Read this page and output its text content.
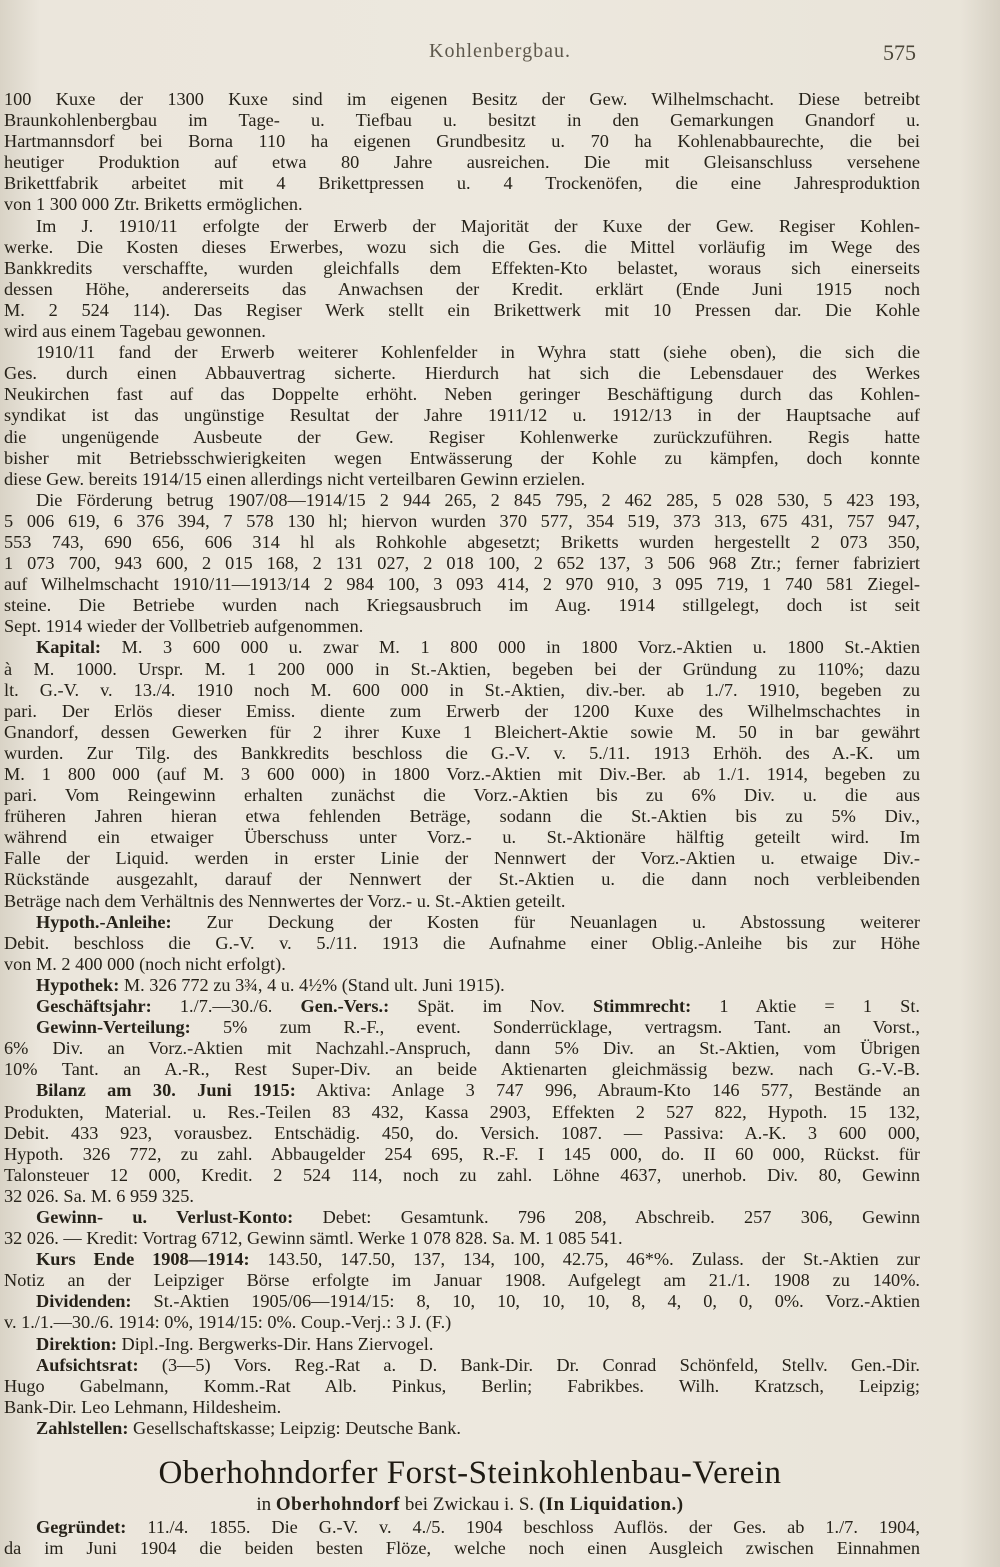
Kohlenbergbau.	575
100 Kuxe der 1300 Kuxe sind im eigenen Besitz der Gew. Wilhelmschacht. Diese betreibt
Braunkohlenbergbau im Tage- u. Tiefbau u. besitzt in den Gemarkungen Gnandorf u.
Hartmannsdorf bei Borna 110 ha eigenen Grundbesitz u. 70 ha Kohlenabbaurechte, die bei
heutiger Produktion auf etwa 80 Jahre ausreichen. Die mit Gleisanschluss versehene
Brikettfabrik arbeitet mit 4 Brikettpressen u. 4 Trockenöfen, die eine Jahresproduktion
von 1 300 000 Ztr. Briketts ermöglichen.
Im J. 1910/11 erfolgte der Erwerb der Majorität der Kuxe der Gew. Regiser Kohlen-
werke. Die Kosten dieses Erwerbes, wozu sich die Ges. die Mittel vorläufig im Wege des
Bankkredits verschaffte, wurden gleichfalls dem Effekten-Kto belastet, woraus sich einerseits
dessen Höhe, andererseits das Anwachsen der Kredit. erklärt (Ende Juni 1915 noch
M. 2 524 114). Das Regiser Werk stellt ein Brikettwerk mit 10 Pressen dar. Die Kohle
wird aus einem Tagebau gewonnen.
1910/11 fand der Erwerb weiterer Kohlenfelder in Wyhra statt (siehe oben), die sich die
Ges. durch einen Abbauvertrag sicherte. Hierdurch hat sich die Lebensdauer des Werkes
Neukirchen fast auf das Doppelte erhöht. Neben geringer Beschäftigung durch das Kohlen-
syndikat ist das ungünstige Resultat der Jahre 1911/12 u. 1912/13 in der Hauptsache auf
die ungenügende Ausbeute der Gew. Regiser Kohlenwerke zurückzuführen. Regis hatte
bisher mit Betriebsschwierigkeiten wegen Entwässerung der Kohle zu kämpfen, doch konnte
diese Gew. bereits 1914/15 einen allerdings nicht verteilbaren Gewinn erzielen.
Die Förderung betrug 1907/08—1914/15 2 944 265, 2 845 795, 2 462 285, 5 028 530, 5 423 193,
5 006 619, 6 376 394, 7 578 130 hl; hiervon wurden 370 577, 354 519, 373 313, 675 431, 757 947,
553 743, 690 656, 606 314 hl als Rohkohle abgesetzt; Briketts wurden hergestellt 2 073 350,
1 073 700, 943 600, 2 015 168, 2 131 027, 2 018 100, 2 652 137, 3 506 968 Ztr.; ferner fabriziert
auf Wilhelmschacht 1910/11—1913/14 2 984 100, 3 093 414, 2 970 910, 3 095 719, 1 740 581 Ziegel-
steine. Die Betriebe wurden nach Kriegsausbruch im Aug. 1914 stillgelegt, doch ist seit
Sept. 1914 wieder der Vollbetrieb aufgenommen.
Kapital: M. 3 600 000 u. zwar M. 1 800 000 in 1800 Vorz.-Aktien u. 1800 St.-Aktien
à M. 1000. Urspr. M. 1 200 000 in St.-Aktien, begeben bei der Gründung zu 110%; dazu
lt. G.-V. v. 13./4. 1910 noch M. 600 000 in St.-Aktien, div.-ber. ab 1./7. 1910, begeben zu
pari. Der Erlös dieser Emiss. diente zum Erwerb der 1200 Kuxe des Wilhelmschachtes in
Gnandorf, dessen Gewerken für 2 ihrer Kuxe 1 Bleichert-Aktie sowie M. 50 in bar gewährt
wurden. Zur Tilg. des Bankkredits beschloss die G.-V. v. 5./11. 1913 Erhöh. des A.-K. um
M. 1 800 000 (auf M. 3 600 000) in 1800 Vorz.-Aktien mit Div.-Ber. ab 1./1. 1914, begeben zu
pari. Vom Reingewinn erhalten zunächst die Vorz.-Aktien bis zu 6% Div. u. die aus
früheren Jahren hieran etwa fehlenden Beträge, sodann die St.-Aktien bis zu 5% Div.,
während ein etwaiger Überschuss unter Vorz.- u. St.-Aktionäre hälftig geteilt wird. Im
Falle der Liquid. werden in erster Linie der Nennwert der Vorz.-Aktien u. etwaige Div.-
Rückstände ausgezahlt, darauf der Nennwert der St.-Aktien u. die dann noch verbleibenden
Beträge nach dem Verhältnis des Nennwertes der Vorz.- u. St.-Aktien geteilt.
Hypoth.-Anleihe: Zur Deckung der Kosten für Neuanlagen u. Abstossung weiterer
Debit. beschloss die G.-V. v. 5./11. 1913 die Aufnahme einer Oblig.-Anleihe bis zur Höhe
von M. 2 400 000 (noch nicht erfolgt).
Hypothek: M. 326 772 zu 3¾, 4 u. 4½% (Stand ult. Juni 1915).
Geschäftsjahr: 1./7.—30./6. Gen.-Vers.: Spät. im Nov. Stimmrecht: 1 Aktie = 1 St.
Gewinn-Verteilung: 5% zum R.-F., event. Sonderrücklage, vertragsm. Tant. an Vorst.,
6% Div. an Vorz.-Aktien mit Nachzahl.-Anspruch, dann 5% Div. an St.-Aktien, vom Übrigen
10% Tant. an A.-R., Rest Super-Div. an beide Aktienarten gleichmässig bezw. nach G.-V.-B.
Bilanz am 30. Juni 1915: Aktiva: Anlage 3 747 996, Abraum-Kto 146 577, Bestände an
Produkten, Material. u. Res.-Teilen 83 432, Kassa 2903, Effekten 2 527 822, Hypoth. 15 132,
Debit. 433 923, vorausbez. Entschädig. 450, do. Versich. 1087. — Passiva: A.-K. 3 600 000,
Hypoth. 326 772, zu zahl. Abbaugelder 254 695, R.-F. I 145 000, do. II 60 000, Rückst. für
Talonsteuer 12 000, Kredit. 2 524 114, noch zu zahl. Löhne 4637, unerhob. Div. 80, Gewinn
32 026. Sa. M. 6 959 325.
Gewinn- u. Verlust-Konto: Debet: Gesamtunk. 796 208, Abschreib. 257 306, Gewinn
32 026. — Kredit: Vortrag 6712, Gewinn sämtl. Werke 1 078 828. Sa. M. 1 085 541.
Kurs Ende 1908—1914: 143.50, 147.50, 137, 134, 100, 42.75, 46*%. Zulass. der St.-Aktien zur
Notiz an der Leipziger Börse erfolgte im Januar 1908. Aufgelegt am 21./1. 1908 zu 140%.
Dividenden: St.-Aktien 1905/06—1914/15: 8, 10, 10, 10, 10, 8, 4, 0, 0, 0%. Vorz.-Aktien
v. 1./1.—30./6. 1914: 0%, 1914/15: 0%. Coup.-Verj.: 3 J. (F.)
Direktion: Dipl.-Ing. Bergwerks-Dir. Hans Ziervogel.
Aufsichtsrat: (3—5) Vors. Reg.-Rat a. D. Bank-Dir. Dr. Conrad Schönfeld, Stellv. Gen.-Dir.
Hugo Gabelmann, Komm.-Rat Alb. Pinkus, Berlin; Fabrikbes. Wilh. Kratzsch, Leipzig;
Bank-Dir. Leo Lehmann, Hildesheim.
Zahlstellen: Gesellschaftskasse; Leipzig: Deutsche Bank.
Oberhohndorfer Forst-Steinkohlenbau-Verein
in Oberhohndorf bei Zwickau i. S. (In Liquidation.)
Gegründet: 11./4. 1855. Die G.-V. v. 4./5. 1904 beschloss Auflös. der Ges. ab 1./7. 1904,
da im Juni 1904 die beiden besten Flöze, welche noch einen Ausgleich zwischen Einnahmen
